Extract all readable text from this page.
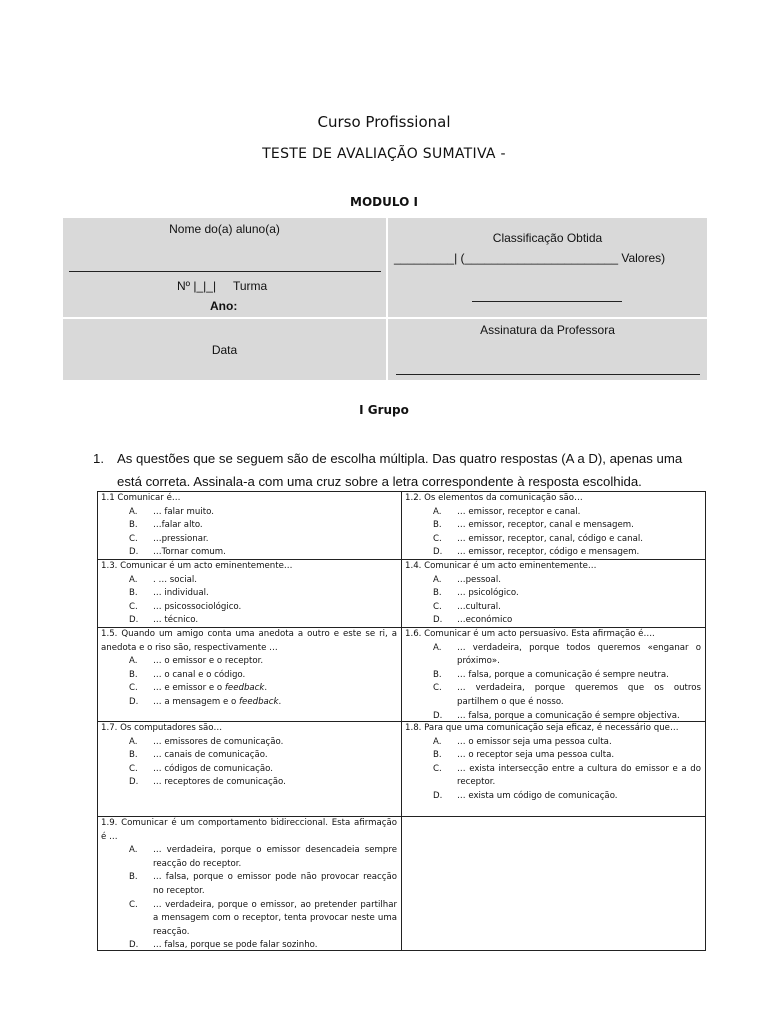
Curso Profissional
TESTE DE AVALIAÇÃO SUMATIVA -
MODULO I
Nome do(a) aluno(a)
Nº |_|_| Turma
Ano:
Classificação Obtida
_________| (_______________________ Valores)
Data
Assinatura da Professora
I Grupo
1. As questões que se seguem são de escolha múltipla. Das quatro respostas (A a D), apenas uma está correta. Assinala-a com uma cruz sobre a letra correspondente à resposta escolhida.
1.1 Comunicar é…
A. … falar muito.
B. …falar alto.
C. …pressionar.
D. …Tornar comum.
1.2. Os elementos da comunicação são…
A. … emissor, receptor e canal.
B. … emissor, receptor, canal e mensagem.
C. … emissor, receptor, canal, código e canal.
D. … emissor, receptor, código e mensagem.
1.3. Comunicar é um acto eminentemente…
A. . … social.
B. … individual.
C. … psicossociológico.
D. … técnico.
1.4. Comunicar é um acto eminentemente…
A. …pessoal.
B. … psicológico.
C. …cultural.
D. …económico
1.5. Quando um amigo conta uma anedota a outro e este se ri, a anedota e o riso são, respectivamente …
A. … o emissor e o receptor.
B. … o canal e o código.
C. … e emissor e o feedback.
D. … a mensagem e o feedback.
1.6. Comunicar é um acto persuasivo. Esta afirmação é….
A. … verdadeira, porque todos queremos «enganar o próximo».
B. … falsa, porque a comunicação é sempre neutra.
C. … verdadeira, porque queremos que os outros partilhem o que é nosso.
D. … falsa, porque a comunicação é sempre objectiva.
1.7. Os computadores são…
A. … emissores de comunicação.
B. … canais de comunicação.
C. … códigos de comunicação.
D. … receptores de comunicação.
1.8. Para que uma comunicação seja eficaz, é necessário que…
A. … o emissor seja uma pessoa culta.
B. … o receptor seja uma pessoa culta.
C. … exista intersecção entre a cultura do emissor e a do receptor.
D. … exista um código de comunicação.
1.9. Comunicar é um comportamento bidireccional. Esta afirmação é …
A. … verdadeira, porque o emissor desencadeia sempre reacção do receptor.
B. … falsa, porque o emissor pode não provocar reacção no receptor.
C. … verdadeira, porque o emissor, ao pretender partilhar a mensagem com o receptor, tenta provocar neste uma reacção.
D. … falsa, porque se pode falar sozinho.
